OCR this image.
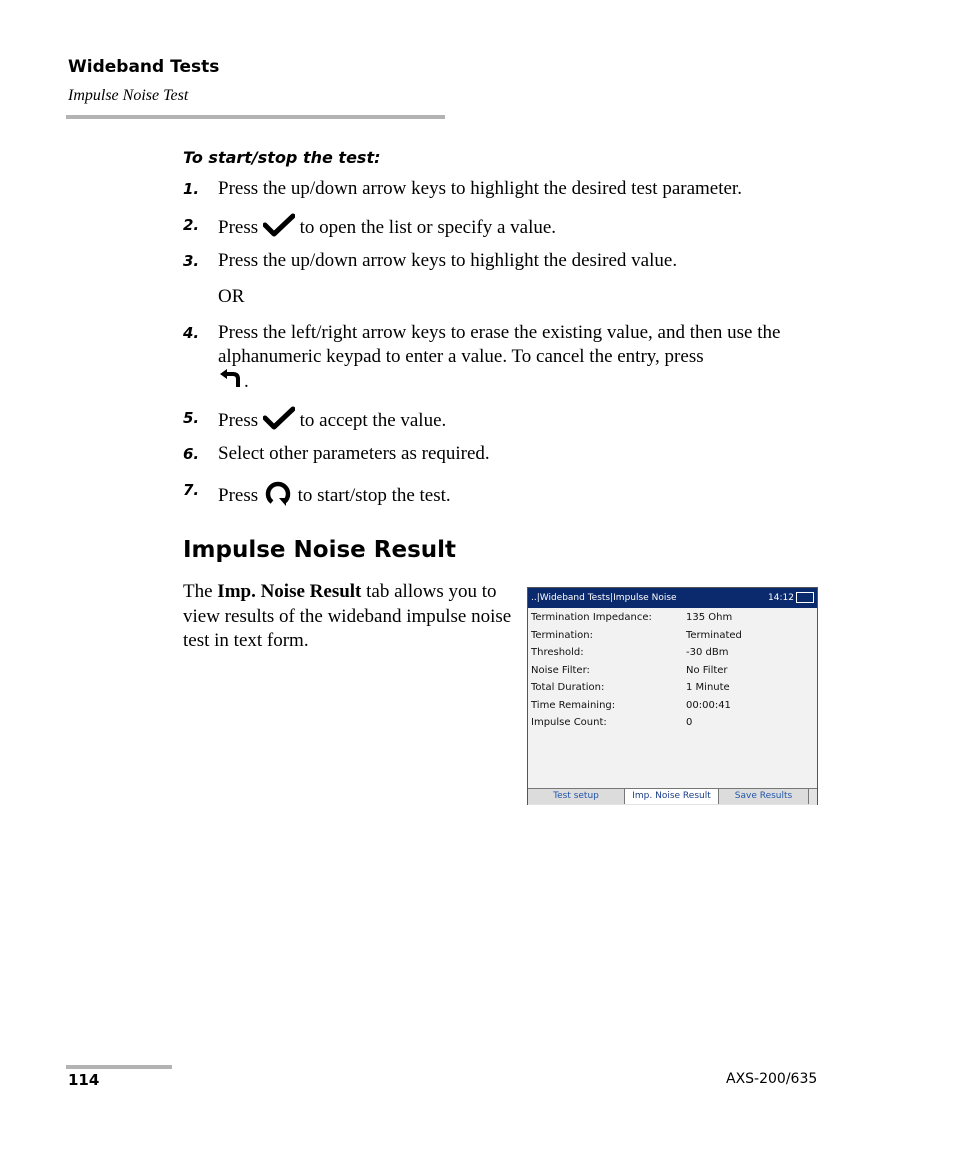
Wideband Tests
Impulse Noise Test
To start/stop the test:
1. Press the up/down arrow keys to highlight the desired test parameter.
2. Press to open the list or specify a value.
3. Press the up/down arrow keys to highlight the desired value.
OR
4. Press the left/right arrow keys to erase the existing value, and then use the alphanumeric keypad to enter a value. To cancel the entry, press
.
5. Press to accept the value.
6. Select other parameters as required.
7. Press to start/stop the test.
Impulse Noise Result
The Imp. Noise Result tab allows you to view results of the wideband impulse noise test in text form.
..|Wideband Tests|Impulse Noise	14:12
Termination Impedance:	135 Ohm
Termination:	Terminated
Threshold:	-30 dBm
Noise Filter:	No Filter
Total Duration:	1 Minute
Time Remaining:	00:00:41
Impulse Count:	0
Test setup	Imp. Noise Result	Save Results
114	AXS-200/635
